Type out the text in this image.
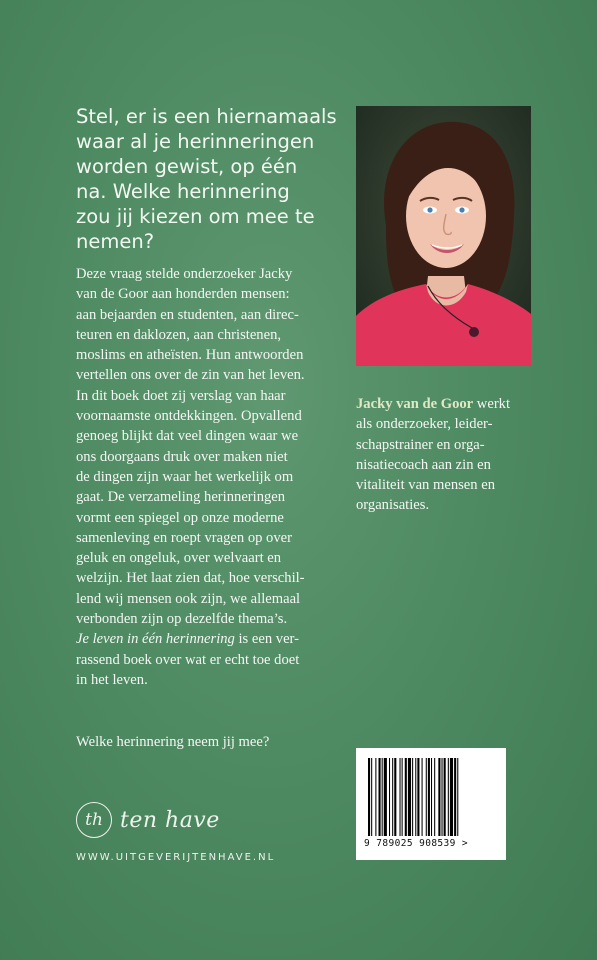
Stel, er is een hiernamaals
waar al je herinneringen
worden gewist, op één
na. Welke herinnering
zou jij kiezen om mee te
nemen?
Deze vraag stelde onderzoeker Jacky
van de Goor aan honderden mensen:
aan bejaarden en studenten, aan direc-
teuren en daklozen, aan christenen,
moslims en atheïsten. Hun antwoorden
vertellen ons over de zin van het leven.
In dit boek doet zij verslag van haar
voornaamste ontdekkingen. Opvallend
genoeg blijkt dat veel dingen waar we
ons doorgaans druk over maken niet
de dingen zijn waar het werkelijk om
gaat. De verzameling herinneringen
vormt een spiegel op onze moderne
samenleving en roept vragen op over
geluk en ongeluk, over welvaart en
welzijn. Het laat zien dat, hoe verschil-
lend wij mensen ook zijn, we allemaal
verbonden zijn op dezelfde thema’s.
Je leven in één herinnering is een ver-
rassend boek over wat er echt toe doet
in het leven.
Welke herinnering neem jij mee?
Jacky van de Goor werkt
als onderzoeker, leider-
schapstrainer en orga-
nisatiecoach aan zin en
vitaliteit van mensen en
organisaties.
th ten have
WWW.UITGEVERIJTENHAVE.NL
9 789025 908539 >
